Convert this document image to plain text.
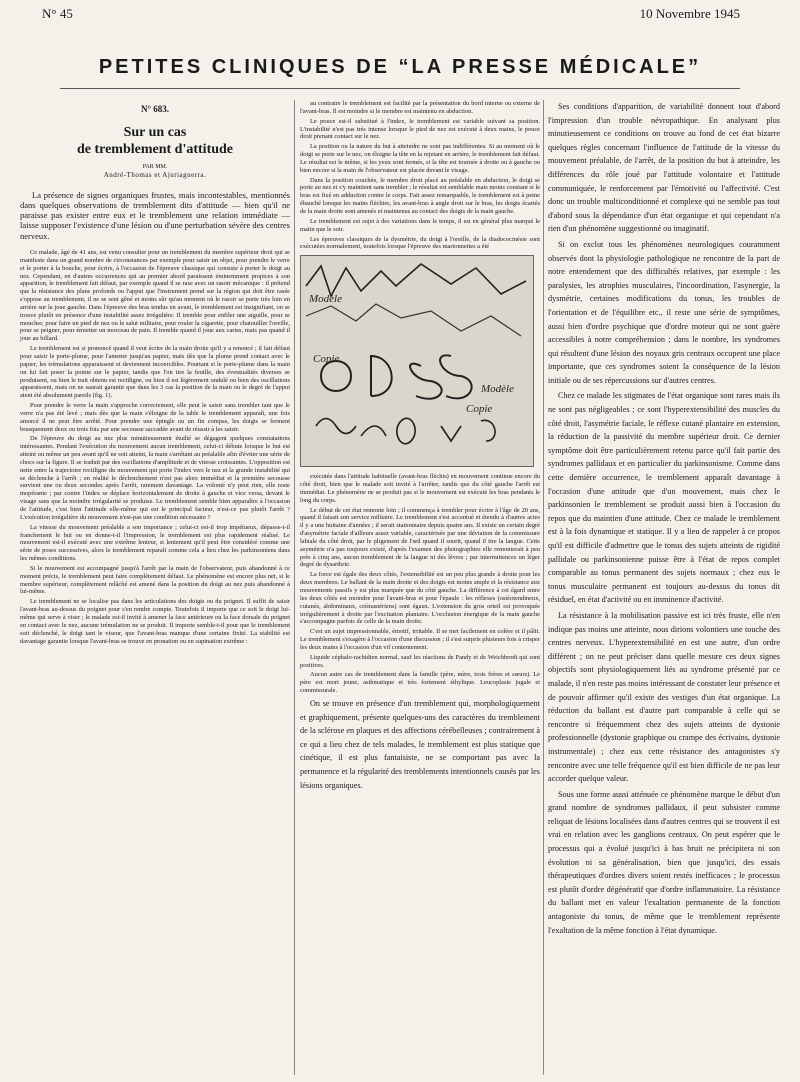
N° 45	10 Novembre 1945
PETITES CLINIQUES DE “LA PRESSE MÉDICALE”
N° 683.
Sur un cas
de tremblement d'attitude
PAR MM.
André-Thomas et Ajuriaguerra.

La présence de signes organiques frustes, mais incontestables, mentionnés dans quelques observations de tremblement dits d'attitude — bien qu'il ne paraisse pas exister entre eux et le tremblement une relation immédiate — laisse supposer l'existence d'une lésion ou d'une perturbation sévère des centres nerveux.

Ce malade, âgé de 41 ans, est venu consulter pour un tremblement du membre supérieur droit qui se manifeste dans un grand nombre de circonstances par exemple pour saisir un objet, pour prendre le verre et le porter à la bouche, pour écrire, à l'occasion de l'épreuve classique qui consiste à porter le doigt au nez. Cependant, en d'autres occurrences qui au premier abord paraissent éminemment propices à son apparition, le tremblement fait défaut, par exemple quand il se rase avec un rasoir mécanique : il prétend que la résistance des plans profonds ou l'appui que l'instrument prend sur la région qui doit être rasée s'oppose au tremblement, il ne se sent gêné et moins sûr qu'au moment où le rasoir se porte très loin en arrière sur la joue gauche. Dans l'épreuve des bras tendus en avant, le tremblement est insignifiant, on se trouve plutôt en présence d'une instabilité assez irrégulière. Il tremble pour enfiler une aiguille, pour se moucher, pour faire un pied de nez ou le salut militaire, pour rouler la cigarette, pour chatouiller l'oreille, pour se peigner, pour émietter un morceau de pain. Il tremble quand il joue aux cartes, mais pas quand il joue au billard.

Le tremblement est si prononcé quand il veut écrire de la main droite qu'il y a renoncé ; il fait défaut pour saisir le porte-plume, pour l'amener jusqu'au papier, mais dès que la plume prend contact avec le papier, les trémulations apparaissent et deviennent incoercibles. Pourtant si le porte-plume dans la main on lui fait poser la pointe sur le papier, tandis que l'on tire la feuille, des éventualités diverses se produisent, ou bien le trait obtenu est rectiligne, ou bien il est légèrement ondulé ou bien des oscillations apparaissent, mais on ne saurait garantir que dans les 3 cas la position de la main ou le degré de l'appui aient été absolument pareils (fig. 1).

Pour prendre le verre la main s'approche correctement, elle peut le saisir sans trembler tant que le verre n'a pas été levé ; mais dès que la main s'éloigne de la table le tremblement apparaît, une fois amorcé il ne peut être arrêté. Pour prendre une épingle ou un fin compas, les doigts se ferment brusquement deux ou trois fois par une secousse saccadée avant de réussir à les saisir.

De l'épreuve du doigt au nez plus minutieusement étudié se dégagent quelques constatations intéressantes. Pendant l'exécution du mouvement aucun tremblement, celui-ci débute lorsque le but est atteint ou même un peu avant qu'il ne soit atteint, la main s'arrêtant au préalable afin d'éviter une série de chocs sur la figure. Il se traduit par des oscillations d'amplitude et de vitesse croissantes. L'opposition est nette entre la trajectoire rectiligne du mouvement qui porte l'index vers le nez et la grande instabilité qui se déclenche à l'arrêt ; en réalité le déclenchement n'est pas alors immédiat et la première secousse survient une ou deux secondes après l'arrêt, rarement davantage. La volonté n'y peut rien, elle reste inopérante ; par contre l'index se déplace horizontalement de droite à gauche et vice versa, devant le visage sans que la moindre irrégularité se produise. Le tremblement semble bien apparaître à l'occasion de l'attitude, c'est bien l'attitude elle-même qui est le principal facteur, n'est-ce pas plutôt l'arrêt ? L'exécution irrégulière du mouvement n'est-pas une condition nécessaire ?

La vitesse du mouvement préalable a son importance ; celui-ci est-il trop impétueux, dépasse-t-il franchement le but ou en donne-t-il l'impression, le tremblement est plus rapidement réalisé. Le mouvement est-il exécuté avec une extrême lenteur, si lentement qu'il peut être considéré comme une série de poses successives, alors le tremblement reparaît comme cela a lieu chez les parkinsoniens dans les mêmes conditions.

Si le mouvement est accompagné jusqu'à l'arrêt par la main de l'observateur, puis abandonné à ce moment précis, le tremblement peut faire complètement défaut. Le phénomène est encore plus net, si le membre supérieur, complètement relâché est amené dans la position du doigt au nez puis abandonné à lui-même.

Le tremblement ne se localise pas dans les articulations des doigts ou du poignet. Il suffit de saisir l'avant-bras au-dessus du poignet pour s'en rendre compte. Toutefois il importe que ce soit le doigt lui-même qui serve à viser ; le malade est-il invité à amener la face antérieure ou la face dorsale du poignet en contact avec le nez, aucune trémulation ne se produit. Il importe semble-t-il pour que le tremblement soit déclenché, le doigt tant le viseur, que l'avant-bras manque d'une certaine fixité. La stabilité est davantage garantie lorsque l'avant-bras se trouve en pronation ou en supination extrême :

au contraire le tremblement est facilité par la présentation du bord interne ou externe de l'avant-bras. Il est moindre si le membre est maintenu en abduction.

Le pouce est-il substitué à l'index, le tremblement est variable suivant sa position. L'instabilité n'est pas très intense lorsque le pied de nez est exécuté à deux mains, le pouce droit prenant contact sur le nez.

La position ou la nature du but à atteindre ne sont pas indifférentes. Si au moment où le doigt se porte sur le nez, on éloigne la tête en la rejetant en arrière, le tremblement fait défaut. Le résultat est le même, si les yeux sont fermés, si la tête est tournée à droite ou à gauche ou bien encore si la main de l'observateur est placée devant le visage.

Dans la position couchée, le membre droit placé au préalable en abduction, le doigt se porte au nez et s'y maintient sans trembler ; le résultat est semblable mais moins constant si le bras est fixé en adduction contre le corps. Fait assez remarquable, le tremblement est à peine ébauché lorsque les mains fléchies, les avant-bras à angle droit sur le bras, les doigts écartés de la main droite sont amenés et maintenus au contact des doigts de la main gauche.

Le tremblement est sujet à des variations dans le temps, il est en général plus marqué le matin que le soir.

Les épreuves classiques de la dysmétrie, du doigt à l'oreille, de la diadococinésie sont exécutées normalement, toutefois lorsque l'épreuve des marionnettes a été

Modèle
Copie
Modèle
Copie

exécutée dans l'attitude habituelle (avant-bras fléchis) en mouvement continue encore du côté droit, bien que le malade soit invité à l'arrêter, tandis que du côté gauche l'arrêt est immédiat. Le phénomène ne se produit pas si le mouvement est exécuté les bras pendants le long du corps.

Le début de cet état remonte loin ; il commença à trembler pour écrire à l'âge de 20 ans, quand il faisait son service militaire. Le tremblement s'est accentué et étendu à d'autres actes il y a une huitaine d'années ; il serait stationnaire depuis quatre ans. Il existe un certain degré d'asymétrie faciale d'ailleurs assez variable, caractérisée par une déviation de la commissure labiale du côté droit, par le pligement de l'œil quand il sourit, quand il tire la langue. Cette asymétrie n'a pas toujours existé, d'après l'examen des photographies elle remonterait à peu près à cinq ans, aucun tremblement de la langue ni des lèvres ; par intermittences un léger degré de dysarthrie.

La force est égale des deux côtés, l'extensibilité est un peu plus grande à droite pour les deux membres. Le ballant de la main droite et des doigts est moins ample et la résistance aux mouvements passifs y est plus marquée que du côté gauche. La différence à cet égard entre les deux côtés est moindre pour l'avant-bras et pour l'épaule : les réflexes (ostéotendineux, cutanés, abdominaux, crémastériens) sont égaux. L'extension du gros orteil est provoquée irrégulièrement à droite par l'excitation plantaire. L'occlusion énergique de la main gauche s'accompagne parfois de celle de la main droite.

C'est un sujet impressionnable, émotif, irritable. Il se met facilement en colère et il pâlit. Le tremblement s'exagère à l'occasion d'une discussion ; il s'est surpris plusieurs fois à crisper les deux mains à l'occasion d'un vif contentement.

Liquide céphalo-rachidien normal, sauf les réactions de Pandy et de Weichbrodt qui sont positives.

Aucun autre cas de tremblement dans la famille (père, mère, trois frères et sœurs). Le père est mort jeune, asthmatique et très fortement éthylique. Leucoplasie jugale et commissurale.

On se trouve en présence d'un tremblement qui, morphologiquement et graphiquement, présente quelques-uns des caractères du tremblement de la sclérose en plaques et des affections cérébelleuses ; contrairement à ce qui a lieu chez de tels malades, le tremblement est plus statique que cinétique, il est plus fantaisiste, ne se comportant pas avec la permanence et la régularité des tremblements intentionnels causés par les lésions organiques.

Ses conditions d'apparition, de variabilité donnent tout d'abord l'impression d'un trouble névropathique. En analysant plus minutieusement ce conditions on trouve au fond de cet état bizarre quelques règles concernant l'influence de l'attitude de la vitesse du mouvement préalable, de l'arrêt, de la position du but à atteindre, les différences du rôle joué par l'attitude volontaire et l'attitude communiquée, le renforcement par l'émotivité ou l'affectivité. C'est donc un trouble multiconditionné et complexe qui ne semble pas tout d'abord sous la dépendance d'un état organique et qui cependant n'a rien d'un phénomène suggestionné ou imaginatif.

Si on exclut tous les phénomènes neurologiques couramment observés dont la physiologie pathologique ne rencontre de la part de notre entendement que des difficultés relatives, par exemple : les paralysies, les atrophies musculaires, l'incoordination, l'asynergie, la dysmétrie, certaines modifications du tonus, les troubles de l'orientation et de l'équilibre etc., il reste une série de symptômes, aussi bien d'ordre psychique que d'ordre moteur qui ne sont guère accessibles à notre compréhension ; dans le nombre, les syndromes qui résultent d'une lésion des noyaux gris centraux occupent une place importante, que ces syndromes soient la conséquence de la lésion initiale ou de ses répercussions sur d'autres centres.

Chez ce malade les stigmates de l'état organique sont rares mais ils ne sont pas négligeables ; ce sont l'hyperextensibilité des muscles du côté droit, l'asymétrie faciale, le réflexe cutané plantaire en extension, la réduction de la passivité du membre supérieur droit. Ce dernier symptôme doit être particulièrement retenu parce qu'il fait partie des syndromes pallidaux et en particulier du parkinsonisme. Comme dans cette dernière occurrence, le tremblement apparaît davantage à l'occasion d'une attitude que d'un mouvement, mais chez le parkinsonien le tremblement se produit aussi bien à l'occasion du repos que du maintien d'une attitude. Chez ce malade le tremblement est à la fois dynamique et statique. Il y a lieu de rappeler à ce propos qu'il est difficile d'admettre que le tonus des sujets atteints de rigidité pallidale ou parkinsonienne puisse être à l'état de repos complet comparable au tonus permanent des sujets normaux ; chez eux le tonus musculaire permanent est toujours au-dessus du tonus dit résiduel, en état d'activité ou en imminence d'activité.

La résistance à la mobilisation passive est ici très fruste, elle n'en indique pas moins une atteinte, nous dirions volontiers une touche des centres nerveux. L'hyperextensibilité en est une autre, d'un ordre différent ; on ne peut préciser dans quelle mesure ces deux signes objectifs sont physiologiquement liés au syndrome présenté par ce malade, il n'en reste pas moins intéressant de constater leur présence et de pouvoir affirmer qu'il existe des vestiges d'un état organique. La réduction du ballant est d'autre part comparable à celle qui se rencontre si fréquemment chez des sujets atteints de dystonie professionnelle (dystonie graphique ou crampe des écrivains, dystonie instrumentale) ; chez eux cette résistance des antagonistes s'y rencontre avec une telle fréquence qu'il est bien difficile de ne pas leur accorder quelque valeur.

Sous une forme aussi atténuée ce phénomène marque le début d'un grand nombre de syndromes pallidaux, il peut subsister comme reliquat de lésions localisées dans d'autres centres qui se trouvent il est vrai en relation avec les ganglions centraux. On peut espérer que le processus qui a évolué jusqu'ici à bas bruit ne précipitera ni son évolution ni sa généralisation, bien que jusqu'ici, des essais thérapeutiques d'ordres divers soient restés inefficaces ; le processus est plutôt d'ordre dégénératif que d'ordre inflammatoire. La résistance du ballant met en valeur l'exaltation permanente de la fonction antagoniste du tonus, de même que le tremblement représente l'exaltation de la même fonction à l'état dynamique.
